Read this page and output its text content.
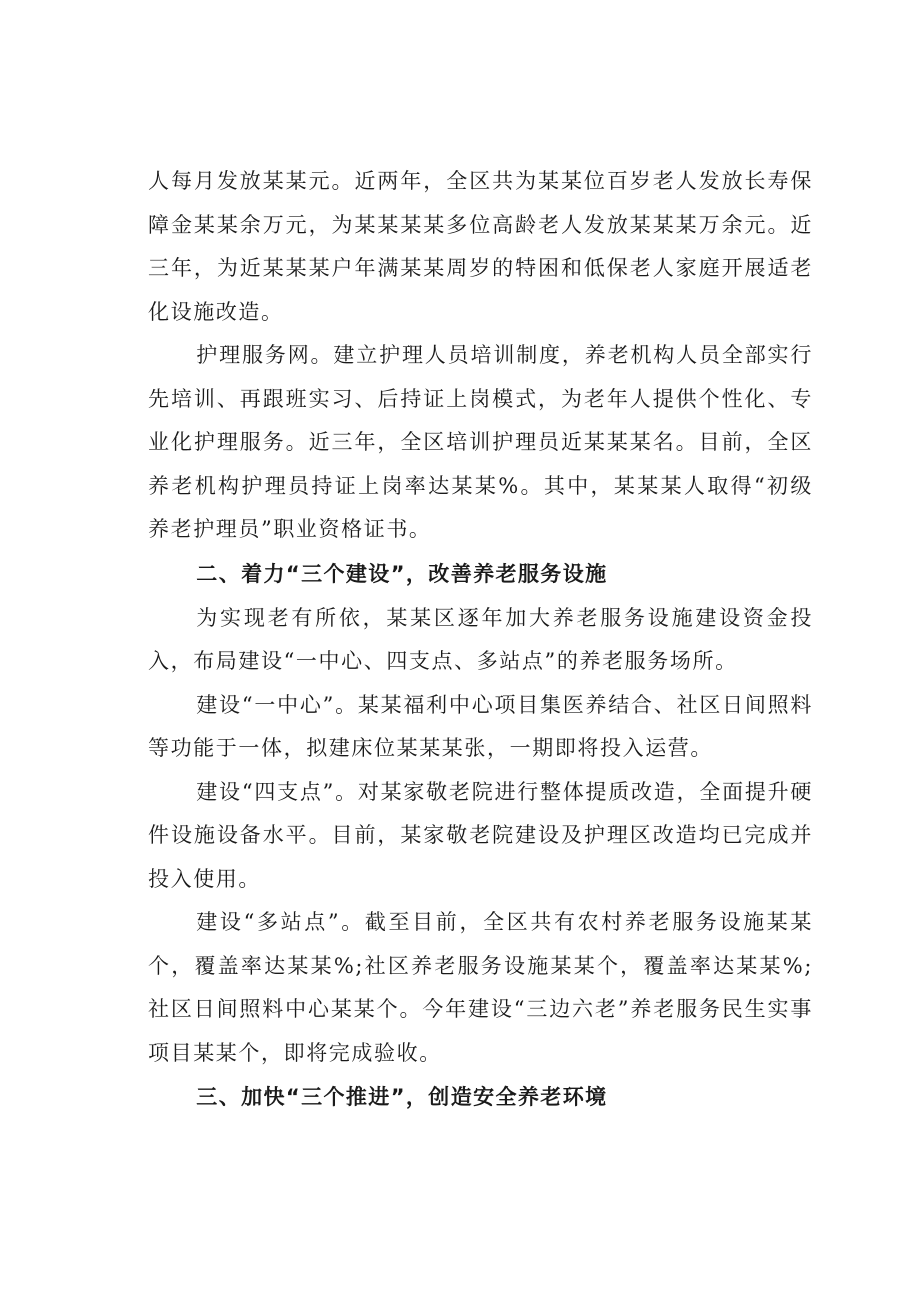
人每月发放某某元。近两年，全区共为某某位百岁老人发放长寿保障金某某余万元，为某某某某多位高龄老人发放某某某万余元。近三年，为近某某某户年满某某周岁的特困和低保老人家庭开展适老化设施改造。

护理服务网。建立护理人员培训制度，养老机构人员全部实行先培训、再跟班实习、后持证上岗模式，为老年人提供个性化、专业化护理服务。近三年，全区培训护理员近某某某名。目前，全区养老机构护理员持证上岗率达某某%。其中，某某某人取得“初级养老护理员”职业资格证书。

二、着力“三个建设”，改善养老服务设施

为实现老有所依，某某区逐年加大养老服务设施建设资金投入，布局建设“一中心、四支点、多站点”的养老服务场所。

建设“一中心”。某某福利中心项目集医养结合、社区日间照料等功能于一体，拟建床位某某某张，一期即将投入运营。

建设“四支点”。对某家敬老院进行整体提质改造，全面提升硬件设施设备水平。目前，某家敬老院建设及护理区改造均已完成并投入使用。

建设“多站点”。截至目前，全区共有农村养老服务设施某某个，覆盖率达某某%;社区养老服务设施某某个，覆盖率达某某%;社区日间照料中心某某个。今年建设“三边六老”养老服务民生实事项目某某个，即将完成验收。

三、加快“三个推进”，创造安全养老环境
